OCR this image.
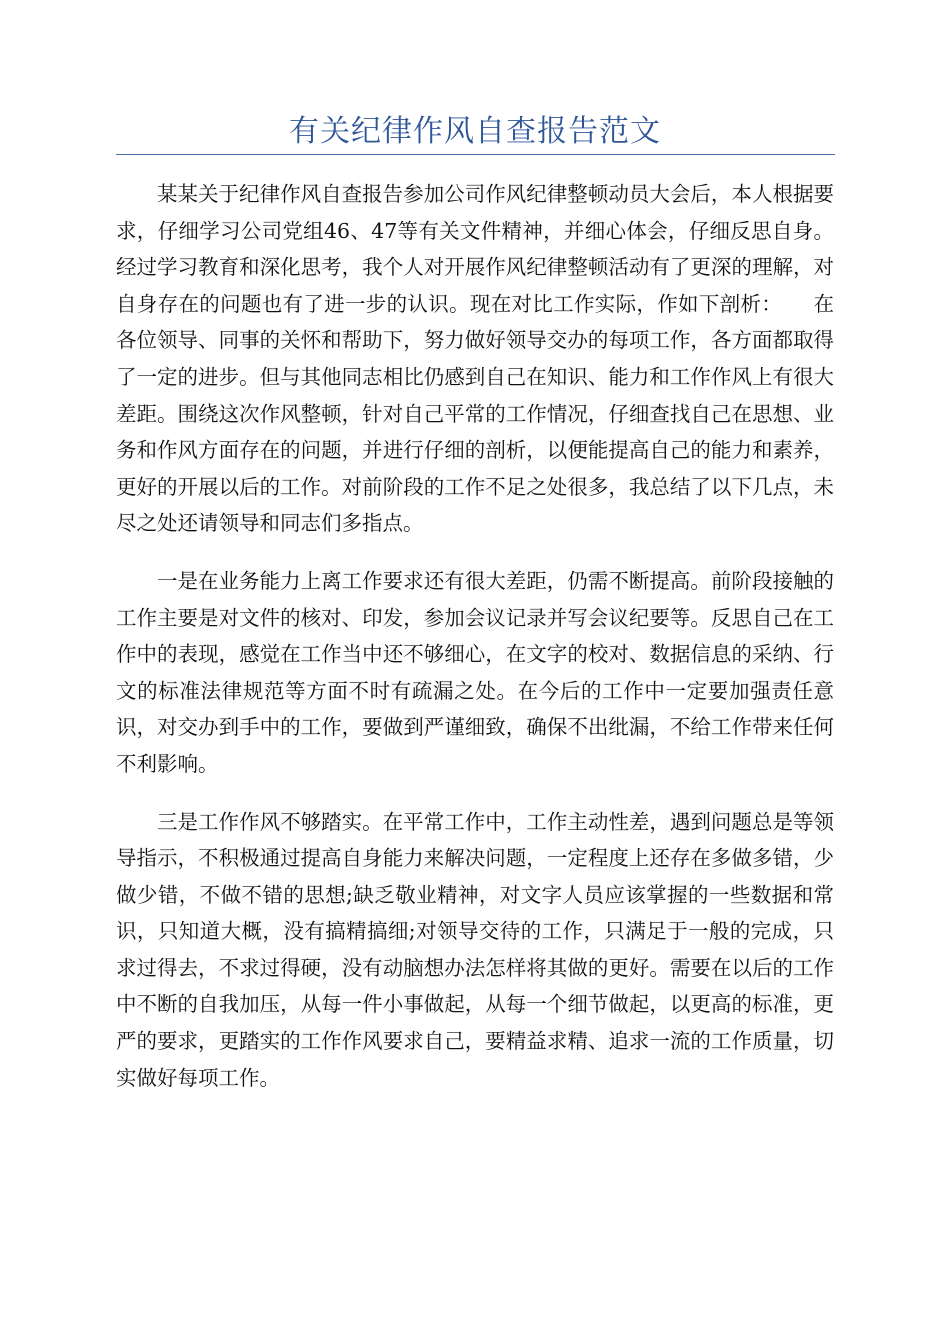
有关纪律作风自查报告范文

某某关于纪律作风自查报告参加公司作风纪律整顿动员大会后，本人根据要求，仔细学习公司党组46、47等有关文件精神，并细心体会，仔细反思自身。经过学习教育和深化思考，我个人对开展作风纪律整顿活动有了更深的理解，对自身存在的问题也有了进一步的认识。现在对比工作实际，作如下剖析：　　在各位领导、同事的关怀和帮助下，努力做好领导交办的每项工作，各方面都取得了一定的进步。但与其他同志相比仍感到自己在知识、能力和工作作风上有很大差距。围绕这次作风整顿，针对自己平常的工作情况，仔细查找自己在思想、业务和作风方面存在的问题，并进行仔细的剖析，以便能提高自己的能力和素养，更好的开展以后的工作。对前阶段的工作不足之处很多，我总结了以下几点，未尽之处还请领导和同志们多指点。

一是在业务能力上离工作要求还有很大差距，仍需不断提高。前阶段接触的工作主要是对文件的核对、印发，参加会议记录并写会议纪要等。反思自己在工作中的表现，感觉在工作当中还不够细心，在文字的校对、数据信息的采纳、行文的标准法律规范等方面不时有疏漏之处。在今后的工作中一定要加强责任意识，对交办到手中的工作，要做到严谨细致，确保不出纰漏，不给工作带来任何不利影响。

三是工作作风不够踏实。在平常工作中，工作主动性差，遇到问题总是等领导指示，不积极通过提高自身能力来解决问题，一定程度上还存在多做多错，少做少错，不做不错的思想;缺乏敬业精神，对文字人员应该掌握的一些数据和常识，只知道大概，没有搞精搞细;对领导交待的工作，只满足于一般的完成，只求过得去，不求过得硬，没有动脑想办法怎样将其做的更好。需要在以后的工作中不断的自我加压，从每一件小事做起，从每一个细节做起，以更高的标准，更严的要求，更踏实的工作作风要求自己，要精益求精、追求一流的工作质量，切实做好每项工作。
